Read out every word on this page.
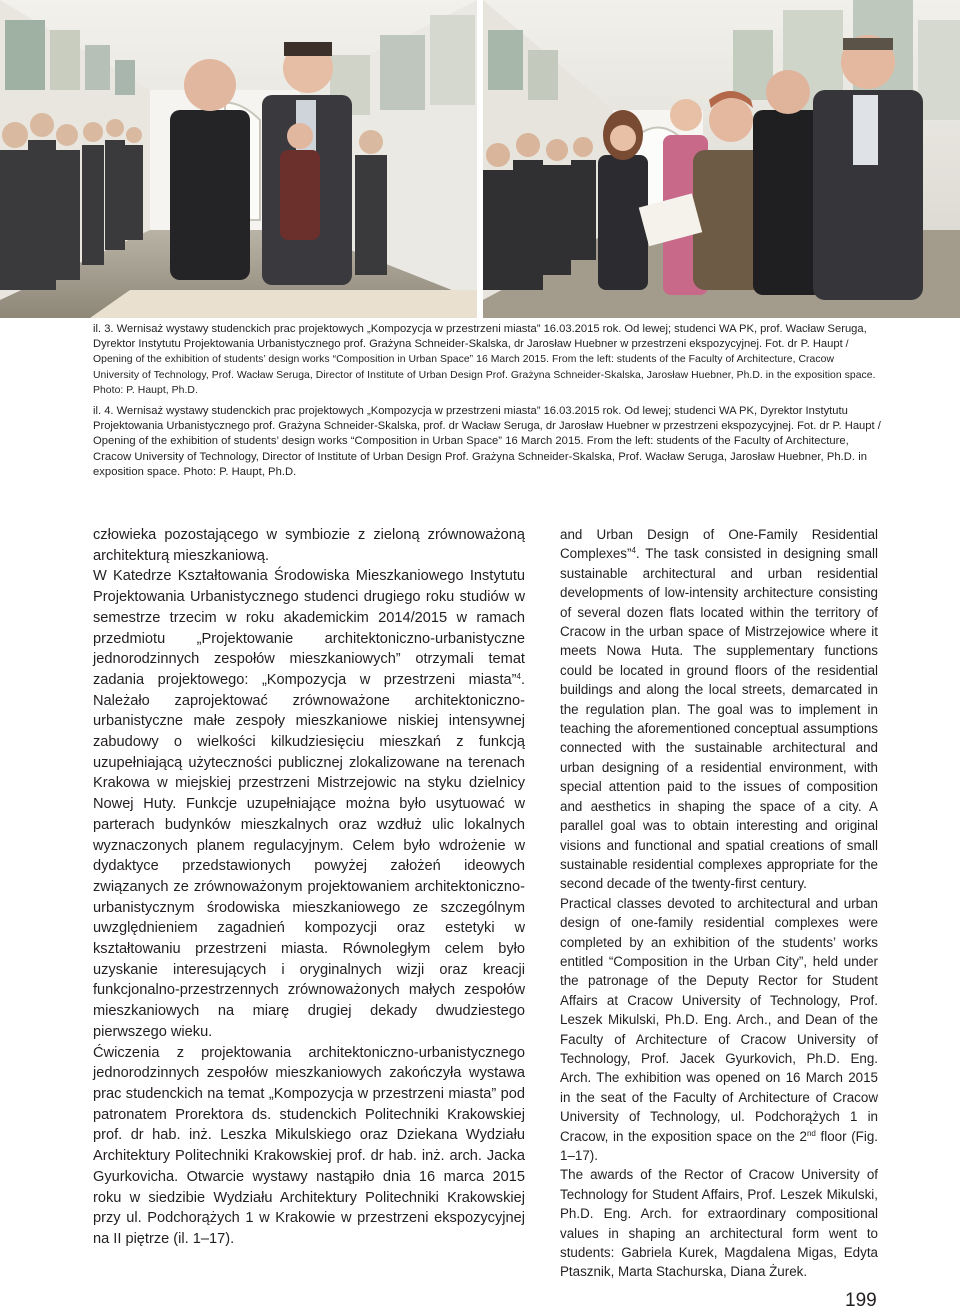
il. 3. Wernisaż wystawy studenckich prac projektowych „Kompozycja w przestrzeni miasta” 16.03.2015 rok. Od lewej; studenci WA PK, prof. Wacław Seruga, Dyrektor Instytutu Projektowania Urbanistycznego prof. Grażyna Schneider-Skalska, dr Jarosław Huebner w przestrzeni ekspozycyjnej. Fot. dr P. Haupt / Opening of the exhibition of students’ design works “Composition in Urban Space” 16 March 2015. From the left: students of the Faculty of Architecture, Cracow University of Technology, Prof. Wacław Seruga, Director of Institute of Urban Design Prof. Grażyna Schneider-Skalska, Jarosław Huebner, Ph.D. in the exposition space. Photo: P. Haupt, Ph.D.

il. 4. Wernisaż wystawy studenckich prac projektowych „Kompozycja w przestrzeni miasta” 16.03.2015 rok. Od lewej; studenci WA PK, Dyrektor Instytutu Projektowania Urbanistycznego prof. Grażyna Schneider-Skalska, prof. dr Wacław Seruga, dr Jarosław Huebner w przestrzeni ekspozycyjnej. Fot. dr P. Haupt / Opening of the exhibition of students’ design works “Composition in Urban Space” 16 March 2015. From the left: students of the Faculty of Architecture, Cracow University of Technology, Director of Institute of Urban Design Prof. Grażyna Schneider-Skalska, Prof. Wacław Seruga, Jarosław Huebner, Ph.D. in exposition space. Photo: P. Haupt, Ph.D.

człowieka pozostającego w symbiozie z zieloną zrównoważoną architekturą mieszkaniową.

W Katedrze Kształtowania Środowiska Mieszkaniowego Instytutu Projektowania Urbanistycznego studenci drugiego roku studiów w semestrze trzecim w roku akademickim 2014/2015 w ramach przedmiotu „Projektowanie architektoniczno-urbanistyczne jednorodzinnych zespołów mieszkaniowych” otrzymali temat zadania projektowego: „Kompozycja w przestrzeni miasta”$^4$. Należało zaprojektować zrównoważone architektoniczno-urbanistyczne małe zespoły mieszkaniowe niskiej intensywnej zabudowy o wielkości kilkudziesięciu mieszkań z funkcją uzupełniającą użyteczności publicznej zlokalizowane na terenach Krakowa w miejskiej przestrzeni Mistrzejowic na styku dzielnicy Nowej Huty. Funkcje uzupełniające można było usytuować w parterach budynków mieszkalnych oraz wzdłuż ulic lokalnych wyznaczonych planem regulacyjnym. Celem było wdrożenie w dydaktyce przedstawionych powyżej założeń ideowych związanych ze zrównoważonym projektowaniem architektoniczno-urbanistycznym środowiska mieszkaniowego ze szczególnym uwzględnieniem zagadnień kompozycji oraz estetyki w kształtowaniu przestrzeni miasta. Równoległym celem było uzyskanie interesujących i oryginalnych wizji oraz kreacji funkcjonalno-przestrzennych zrównoważonych małych zespołów mieszkaniowych na miarę drugiej dekady dwudziestego pierwszego wieku.

Ćwiczenia z projektowania architektoniczno-urbanistycznego jednorodzinnych zespołów mieszkaniowych zakończyła wystawa prac studenckich na temat „Kompozycja w przestrzeni miasta” pod patronatem Prorektora ds. studenckich Politechniki Krakowskiej prof. dr hab. inż. Leszka Mikulskiego oraz Dziekana Wydziału Architektury Politechniki Krakowskiej prof. dr hab. inż. arch. Jacka Gyurkovicha. Otwarcie wystawy nastąpiło dnia 16 marca 2015 roku w siedzibie Wydziału Architektury Politechniki Krakowskiej przy ul. Podchorążych 1 w Krakowie w przestrzeni ekspozycyjnej na II piętrze (il. 1–17).

and Urban Design of One-Family Residential Complexes”$^4$. The task consisted in designing small sustainable architectural and urban residential developments of low-intensity architecture consisting of several dozen flats located within the territory of Cracow in the urban space of Mistrzejowice where it meets Nowa Huta. The supplementary functions could be located in ground floors of the residential buildings and along the local streets, demarcated in the regulation plan. The goal was to implement in teaching the aforementioned conceptual assumptions connected with the sustainable architectural and urban designing of a residential environment, with special attention paid to the issues of composition and aesthetics in shaping the space of a city. A parallel goal was to obtain interesting and original visions and functional and spatial creations of small sustainable residential complexes appropriate for the second decade of the twenty-first century.

Practical classes devoted to architectural and urban design of one-family residential complexes were completed by an exhibition of the students’ works entitled “Composition in the Urban City”, held under the patronage of the Deputy Rector for Student Affairs at Cracow University of Technology, Prof. Leszek Mikulski, Ph.D. Eng. Arch., and Dean of the Faculty of Architecture of Cracow University of Technology, Prof. Jacek Gyurkovich, Ph.D. Eng. Arch. The exhibition was opened on 16 March 2015 in the seat of the Faculty of Architecture of Cracow University of Technology, ul. Podchorążych 1 in Cracow, in the exposition space on the 2nd floor (Fig. 1–17).

The awards of the Rector of Cracow University of Technology for Student Affairs, Prof. Leszek Mikulski, Ph.D. Eng. Arch. for extraordinary compositional values in shaping an architectural form went to students: Gabriela Kurek, Magdalena Migas, Edyta Ptasznik, Marta Stachurska, Diana Żurek.

199
